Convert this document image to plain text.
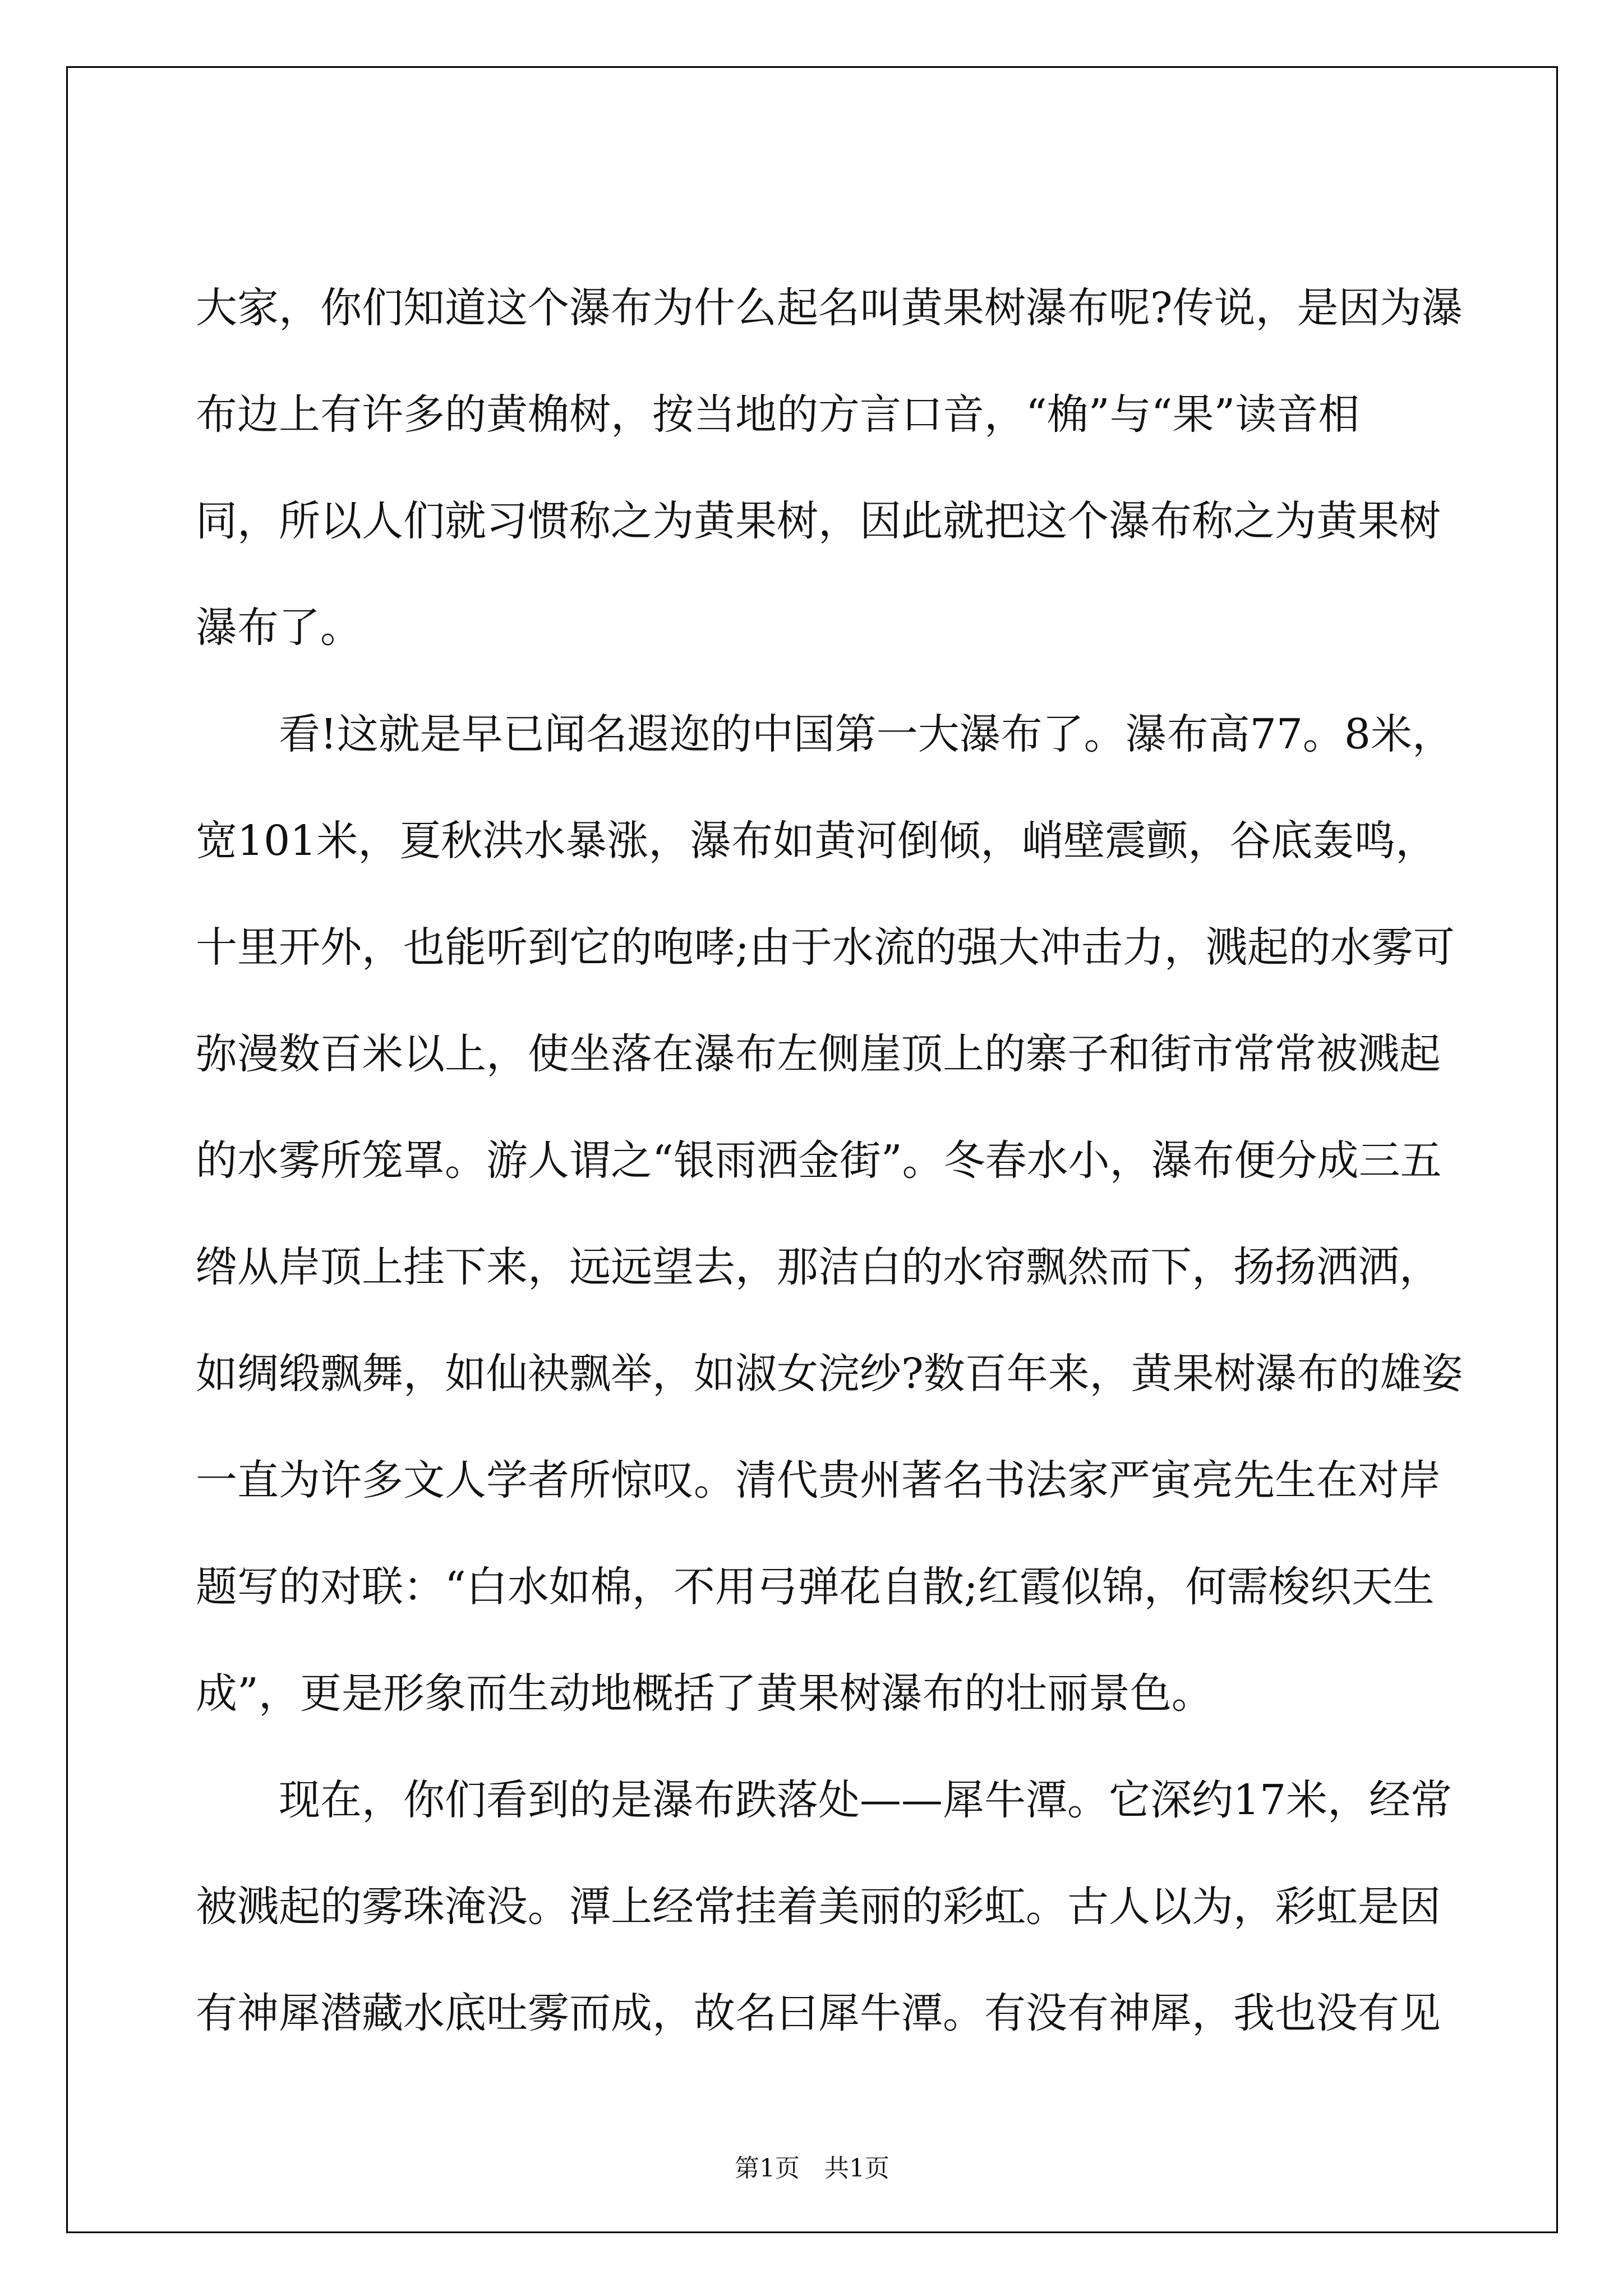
大家，你们知道这个瀑布为什么起名叫黄果树瀑布呢?传说，是因为瀑
布边上有许多的黄桷树，按当地的方言口音，“桷”与“果”读音相
同，所以人们就习惯称之为黄果树，因此就把这个瀑布称之为黄果树
瀑布了。
　　看!这就是早已闻名遐迩的中国第一大瀑布了。瀑布高77。8米，
宽101米，夏秋洪水暴涨，瀑布如黄河倒倾，峭壁震颤，谷底轰鸣，
十里开外，也能听到它的咆哮;由于水流的强大冲击力，溅起的水雾可
弥漫数百米以上，使坐落在瀑布左侧崖顶上的寨子和街市常常被溅起
的水雾所笼罩。游人谓之“银雨洒金街”。冬春水小，瀑布便分成三五
绺从岸顶上挂下来，远远望去，那洁白的水帘飘然而下，扬扬洒洒，
如绸缎飘舞，如仙袂飘举，如淑女浣纱?数百年来，黄果树瀑布的雄姿
一直为许多文人学者所惊叹。清代贵州著名书法家严寅亮先生在对岸
题写的对联：“白水如棉，不用弓弹花自散;红霞似锦，何需梭织天生
成”，更是形象而生动地概括了黄果树瀑布的壮丽景色。
　　现在，你们看到的是瀑布跌落处——犀牛潭。它深约17米，经常
被溅起的雾珠淹没。潭上经常挂着美丽的彩虹。古人以为，彩虹是因
有神犀潜藏水底吐雾而成，故名曰犀牛潭。有没有神犀，我也没有见
第1页　共1页
